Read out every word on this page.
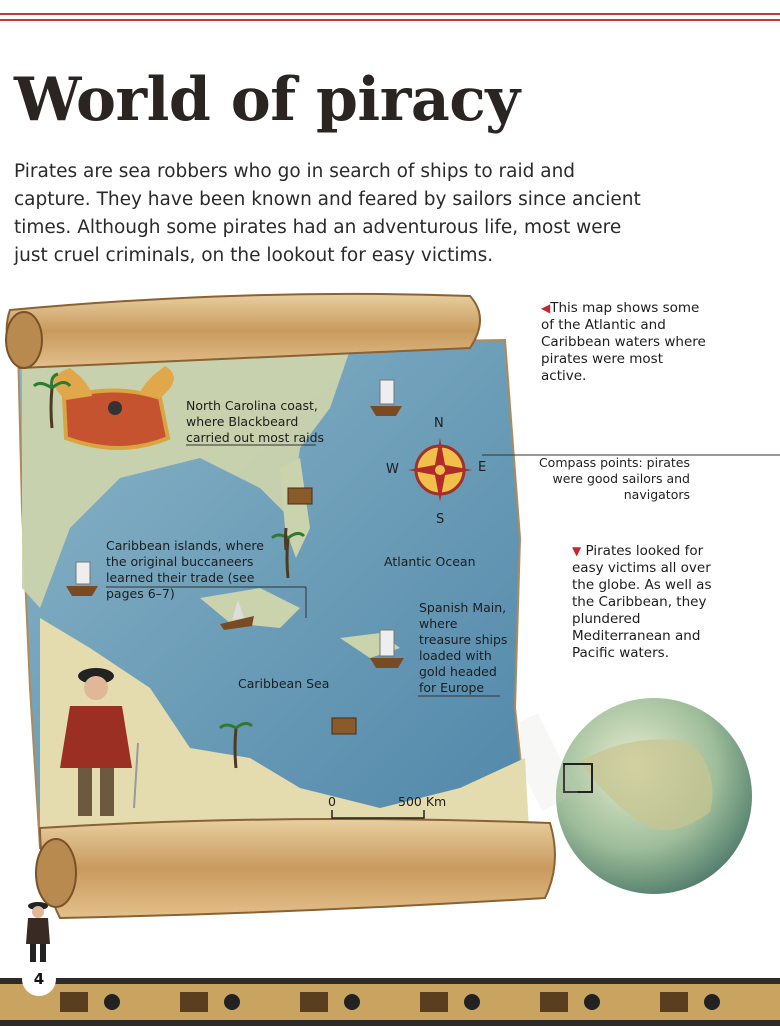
World of piracy

Pirates are sea robbers who go in search of ships to raid and capture. They have been known and feared by sailors since ancient times. Although some pirates had an adventurous life, most were just cruel criminals, on the lookout for easy victims.

North Carolina coast, where Blackbeard carried out most raids
Caribbean islands, where the original buccaneers learned their trade (see pages 6–7)
Atlantic Ocean
Spanish Main, where treasure ships loaded with gold headed for Europe
Caribbean Sea
N
S
E
W
0	500 Km
◀This map shows some of the Atlantic and Caribbean waters where pirates were most active.
Compass points: pirates were good sailors and navigators
▼ Pirates looked for easy victims all over the globe. As well as the Caribbean, they plundered Mediterranean and Pacific waters.
4
